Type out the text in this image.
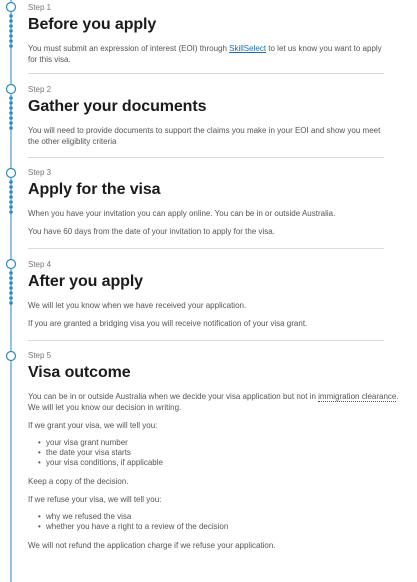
Step 1
Before you apply

You must submit an expression of interest (EOI) through SkillSelect to let us know you want to apply for this visa.

Step 2
Gather your documents

You will need to provide documents to support the claims you make in your EOI and show you meet the other eligiblity criteria

Step 3
Apply for the visa

When you have your invitation you can apply online. You can be in or outside Australia.

You have 60 days from the date of your invitation to apply for the visa.

Step 4
After you apply

We will let you know when we have received your application.

If you are granted a bridging visa you will receive notification of your visa grant.

Step 5
Visa outcome

You can be in or outside Australia when we decide your visa application but not in immigration clearance. We will let you know our decision in writing.

If we grant your visa, we will tell you:

• your visa grant number
• the date your visa starts
• your visa conditions, if applicable

Keep a copy of the decision.

If we refuse your visa, we will tell you:

• why we refused the visa
• whether you have a right to a review of the decision

We will not refund the application charge if we refuse your application.
